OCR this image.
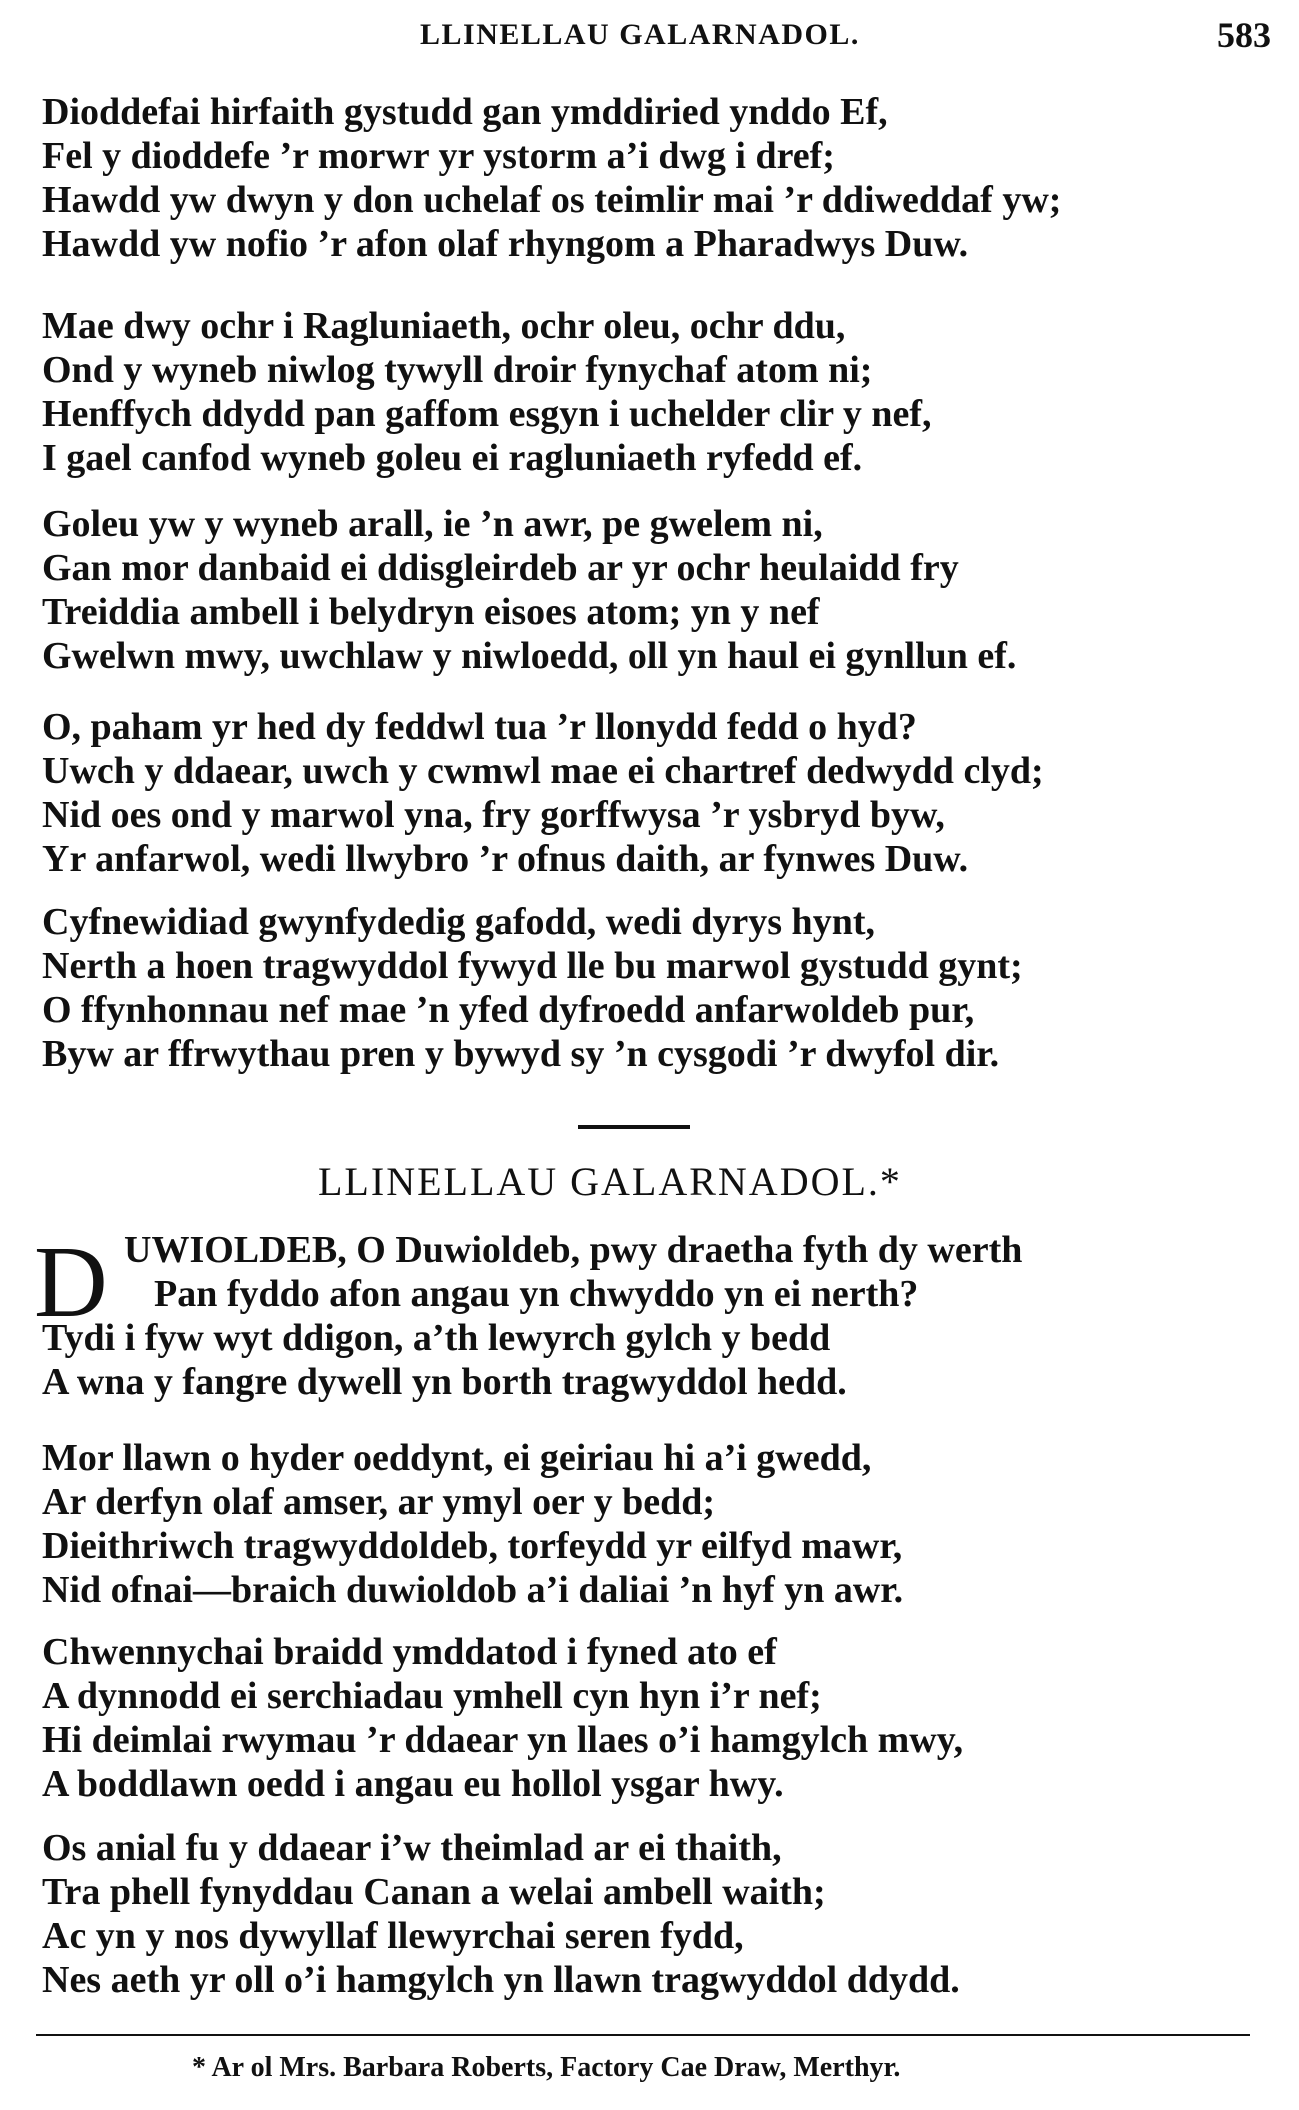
LLINELLAU GALARNADOL.	583
Dioddefai hirfaith gystudd gan ymddiried ynddo Ef,
Fel y dioddefe ’r morwr yr ystorm a’i dwg i dref;
Hawdd yw dwyn y don uchelaf os teimlir mai ’r ddiweddaf yw;
Hawdd yw nofio ’r afon olaf rhyngom a Pharadwys Duw.
Mae dwy ochr i Ragluniaeth, ochr oleu, ochr ddu,
Ond y wyneb niwlog tywyll droir fynychaf atom ni;
Henffych ddydd pan gaffom esgyn i uchelder clir y nef,
I gael canfod wyneb goleu ei ragluniaeth ryfedd ef.
Goleu yw y wyneb arall, ie ’n awr, pe gwelem ni,
Gan mor danbaid ei ddisgleirdeb ar yr ochr heulaidd fry
Treiddia ambell i belydryn eisoes atom; yn y nef
Gwelwn mwy, uwchlaw y niwloedd, oll yn haul ei gynllun ef.
O, paham yr hed dy feddwl tua ’r llonydd fedd o hyd?
Uwch y ddaear, uwch y cwmwl mae ei chartref dedwydd clyd;
Nid oes ond y marwol yna, fry gorffwysa ’r ysbryd byw,
Yr anfarwol, wedi llwybro ’r ofnus daith, ar fynwes Duw.
Cyfnewidiad gwynfydedig gafodd, wedi dyrys hynt,
Nerth a hoen tragwyddol fywyd lle bu marwol gystudd gynt;
O ffynhonnau nef mae ’n yfed dyfroedd anfarwoldeb pur,
Byw ar ffrwythau pren y bywyd sy ’n cysgodi ’r dwyfol dir.
LLINELLAU GALARNADOL.*
D UWIOLDEB, O Duwioldeb, pwy draetha fyth dy werth
Pan fyddo afon angau yn chwyddo yn ei nerth?
Tydi i fyw wyt ddigon, a’th lewyrch gylch y bedd
A wna y fangre dywell yn borth tragwyddol hedd.
Mor llawn o hyder oeddynt, ei geiriau hi a’i gwedd,
Ar derfyn olaf amser, ar ymyl oer y bedd;
Dieithriwch tragwyddoldeb, torfeydd yr eilfyd mawr,
Nid ofnai—braich duwioldob a’i daliai ’n hyf yn awr.
Chwennychai braidd ymddatod i fyned ato ef
A dynnodd ei serchiadau ymhell cyn hyn i’r nef;
Hi deimlai rwymau ’r ddaear yn llaes o’i hamgylch mwy,
A boddlawn oedd i angau eu hollol ysgar hwy.
Os anial fu y ddaear i’w theimlad ar ei thaith,
Tra phell fynyddau Canan a welai ambell waith;
Ac yn y nos dywyllaf llewyrchai seren fydd,
Nes aeth yr oll o’i hamgylch yn llawn tragwyddol ddydd.
* Ar ol Mrs. Barbara Roberts, Factory Cae Draw, Merthyr.
